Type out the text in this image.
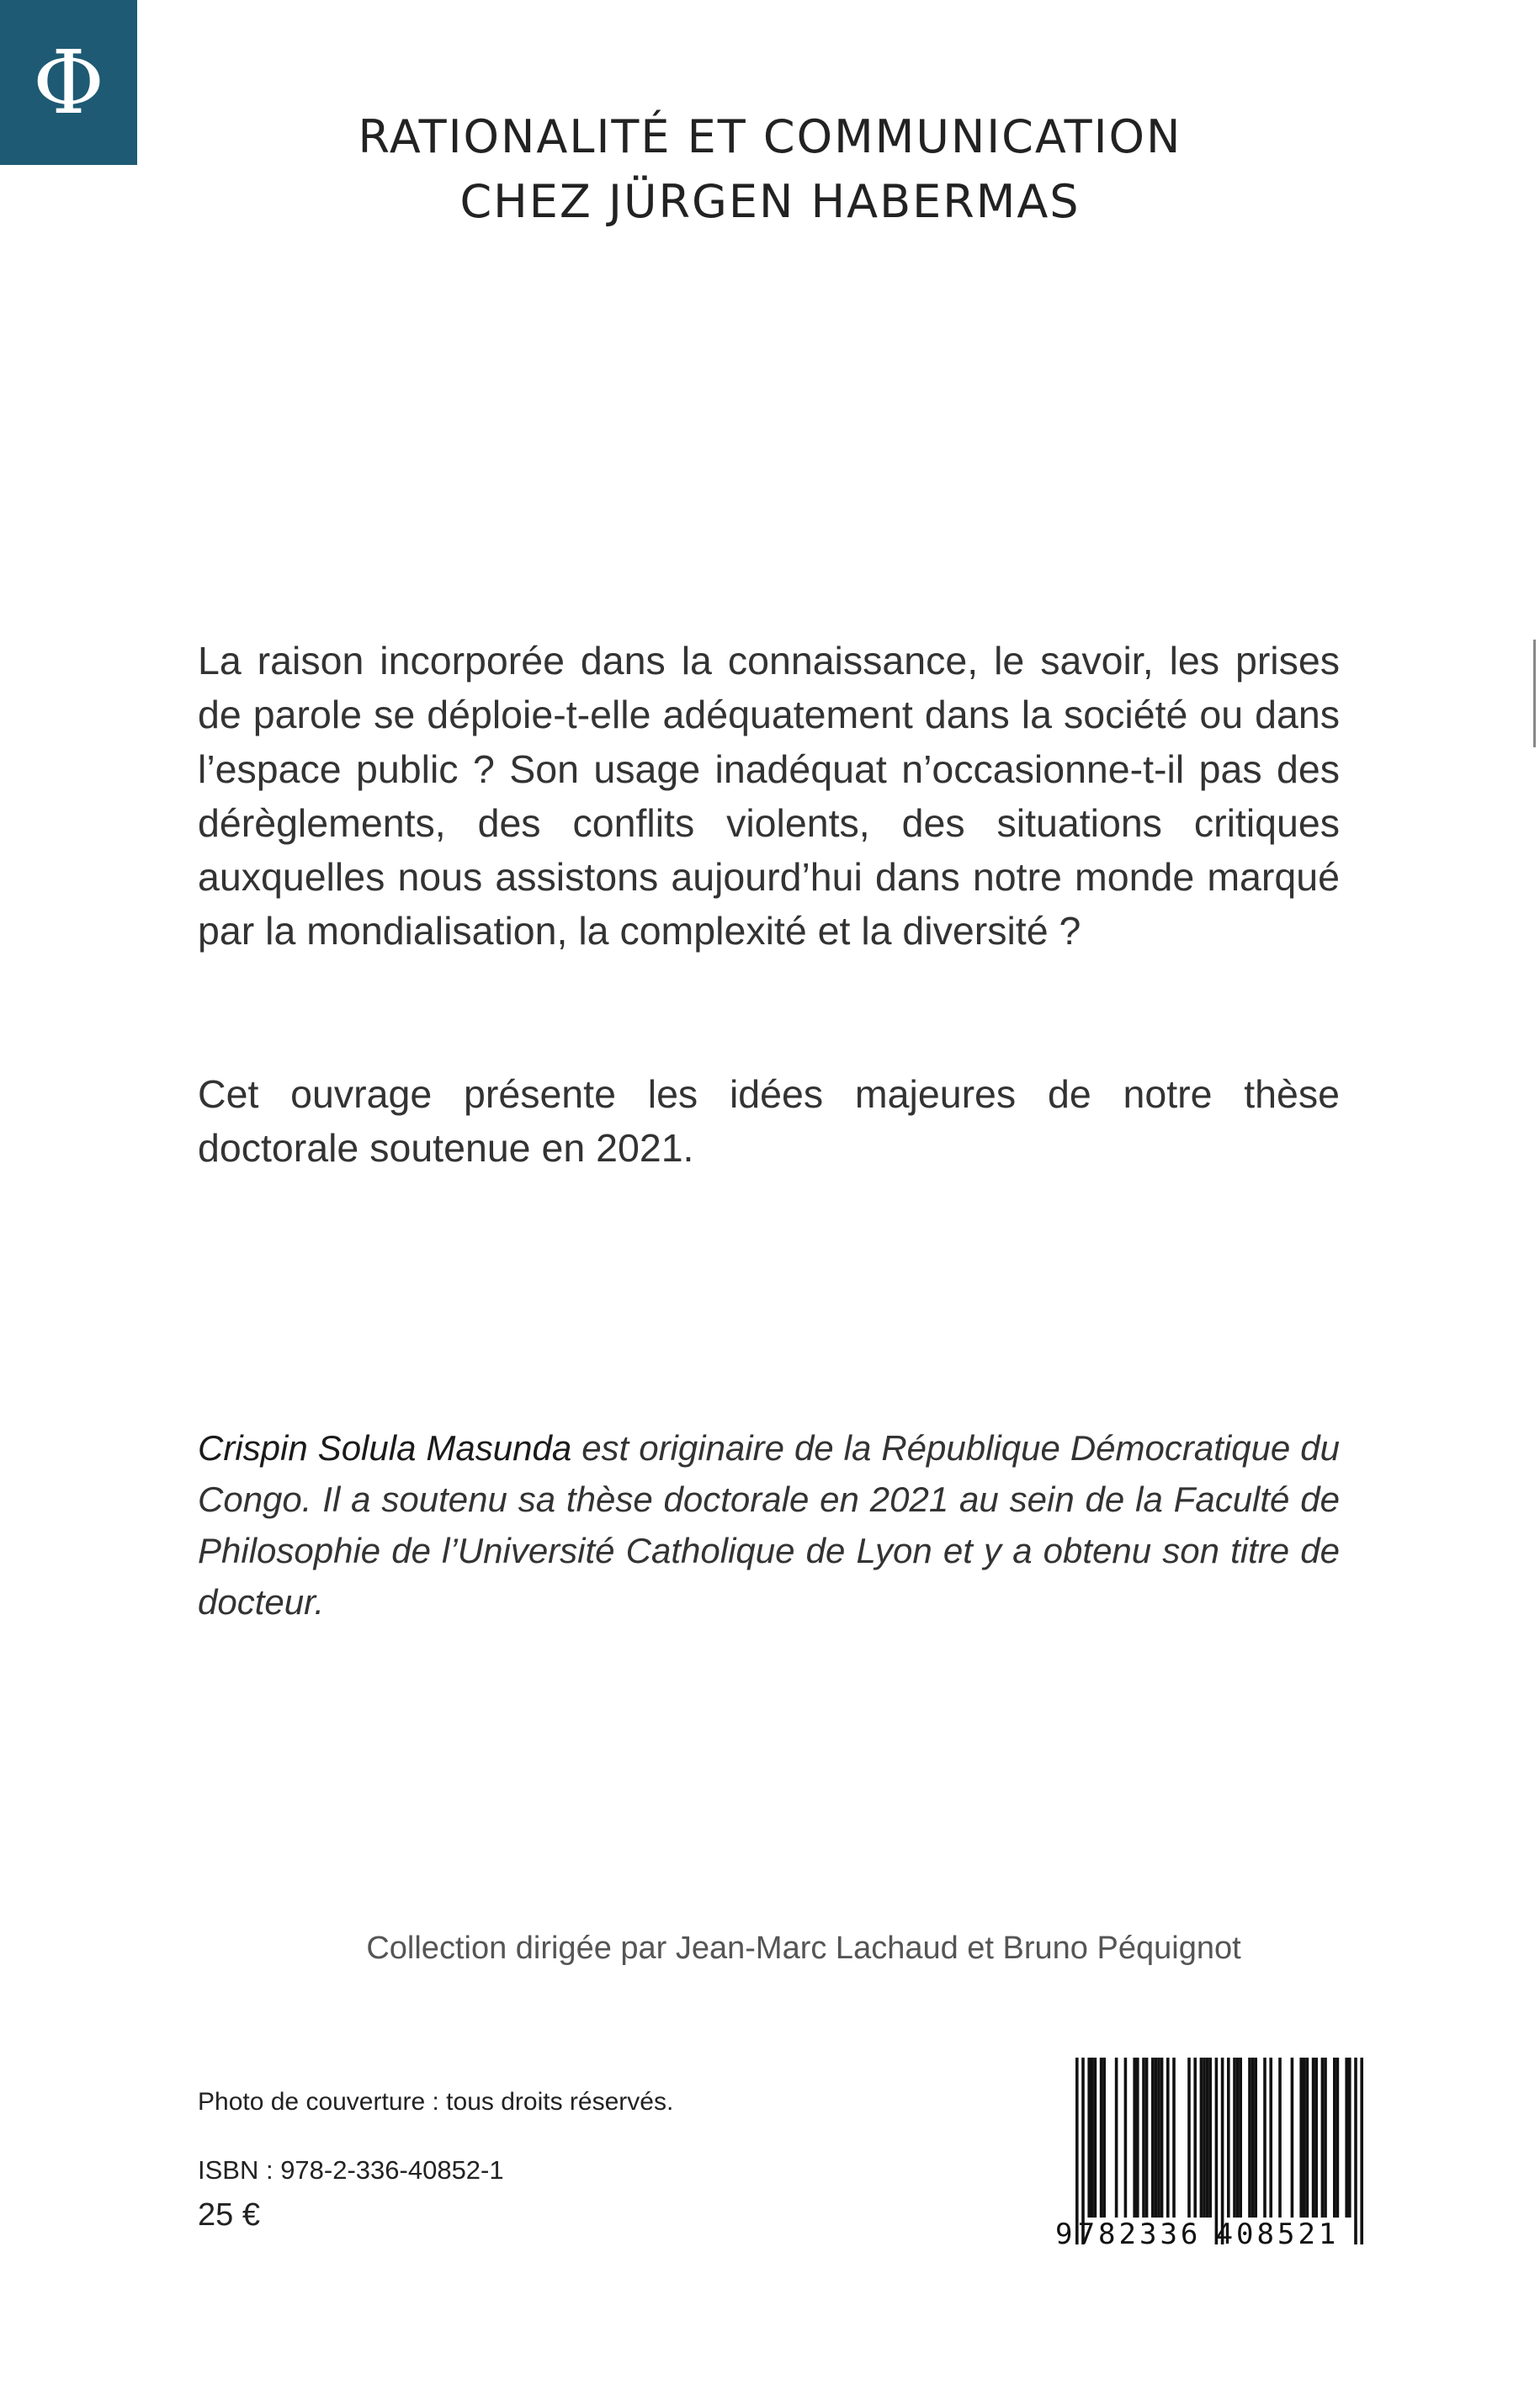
Φ
RATIONALITÉ ET COMMUNICATION
CHEZ JÜRGEN HABERMAS

La raison incorporée dans la connaissance, le savoir, les prises de parole se déploie-t-elle adéquatement dans la société ou dans l’espace public ? Son usage inadéquat n’occasionne-t-il pas des dérèglements, des conflits violents, des situations critiques auxquelles nous assistons aujourd’hui dans notre monde marqué par la mondialisation, la complexité et la diversité ?

Cet ouvrage présente les idées majeures de notre thèse doctorale soutenue en 2021.

Crispin Solula Masunda est originaire de la République Démocratique du Congo. Il a soutenu sa thèse doctorale en 2021 au sein de la Faculté de Philosophie de l’Université Catholique de Lyon et y a obtenu son titre de docteur.

Collection dirigée par Jean-Marc Lachaud et Bruno Péquignot
Photo de couverture : tous droits réservés.
ISBN : 978-2-336-40852-1
25 €
9 782336 408521
